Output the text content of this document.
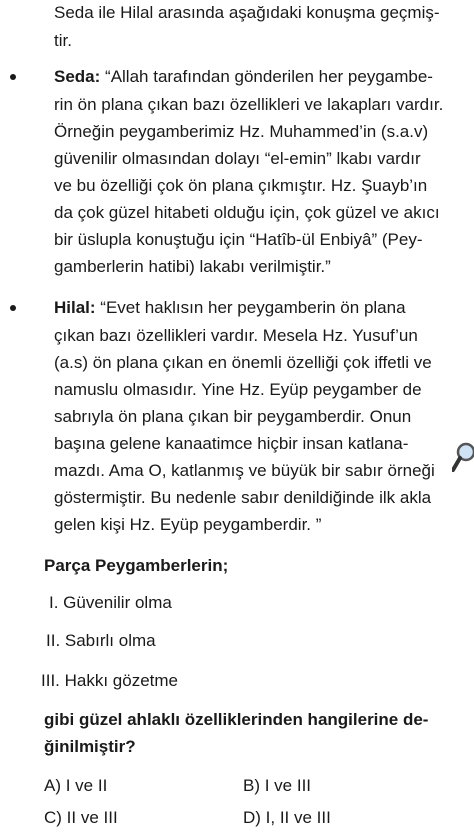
Seda ile Hilal arasında aşağıdaki konuşma geçmiş-
tir.
Seda: “Allah tarafından gönderilen her peygambe-
rin ön plana çıkan bazı özellikleri ve lakapları vardır.
Örneğin peygamberimiz Hz. Muhammed’in (s.a.v)
güvenilir olmasından dolayı “el-emin” lkabı vardır
ve bu özelliği çok ön plana çıkmıştır. Hz. Şuayb’ın
da çok güzel hitabeti olduğu için, çok güzel ve akıcı
bir üslupla konuştuğu için “Hatîb-ül Enbiyâ” (Pey-
gamberlerin hatibi) lakabı verilmiştir.”
Hilal: “Evet haklısın her peygamberin ön plana
çıkan bazı özellikleri vardır. Mesela Hz. Yusuf’un
(a.s) ön plana çıkan en önemli özelliği çok iffetli ve
namuslu olmasıdır. Yine Hz. Eyüp peygamber de
sabrıyla ön plana çıkan bir peygamberdir. Onun
başına gelene kanaatimce hiçbir insan katlana-
mazdı. Ama O, katlanmış ve büyük bir sabır örneği
göstermiştir. Bu nedenle sabır denildiğinde ilk akla
gelen kişi Hz. Eyüp peygamberdir. ”
Parça Peygamberlerin;
I. Güvenilir olma
II. Sabırlı olma
III. Hakkı gözetme
gibi güzel ahlaklı özelliklerinden hangilerine de-
ğinilmiştir?
A) I ve II	B) I ve III
C) II ve III	D) I, II ve III
